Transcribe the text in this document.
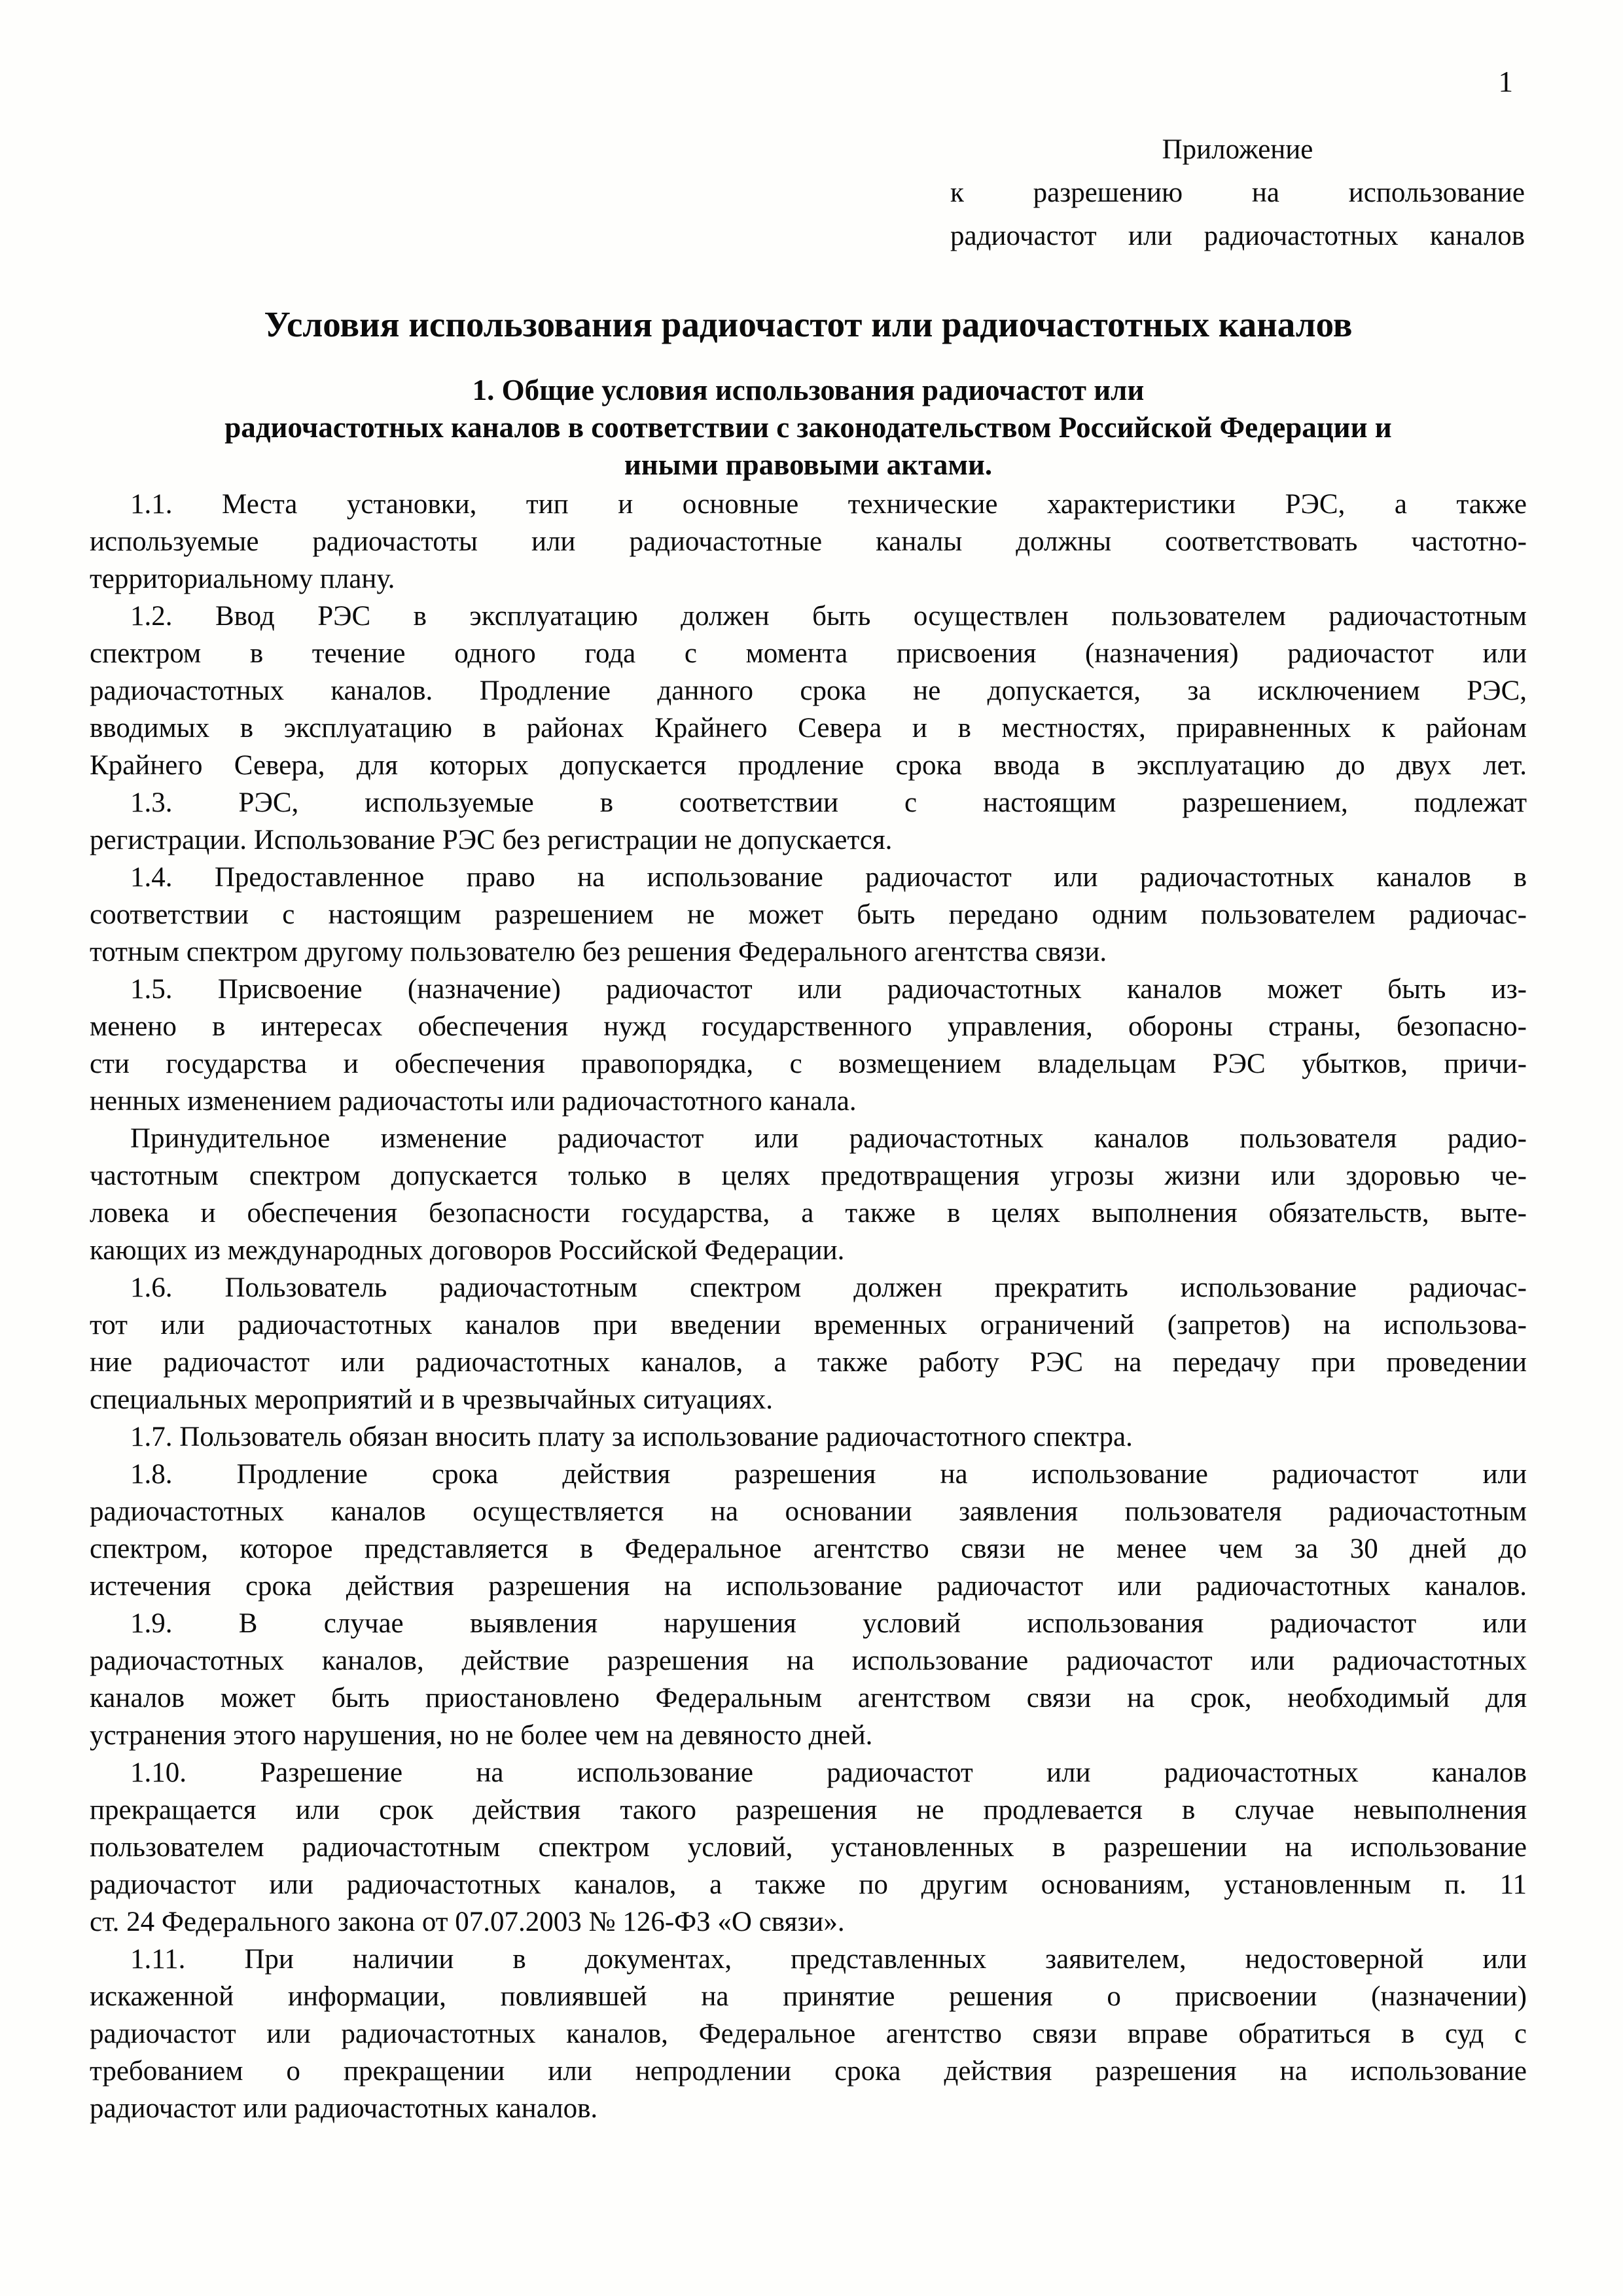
1
Приложение
к разрешению на использование
радиочастот или радиочастотных каналов
Условия использования радиочастот или радиочастотных каналов
1. Общие условия использования радиочастот или
радиочастотных каналов в соответствии с законодательством Российской Федерации и
иными правовыми актами.
1.1. Места установки, тип и основные технические характеристики РЭС, а также
используемые радиочастоты или радиочастотные каналы должны соответствовать частотно-
территориальному плану.
1.2. Ввод РЭС в эксплуатацию должен быть осуществлен пользователем радиочастотным
спектром в течение одного года с момента присвоения (назначения) радиочастот или
радиочастотных каналов. Продление данного срока не допускается, за исключением РЭС,
вводимых в эксплуатацию в районах Крайнего Севера и в местностях, приравненных к районам
Крайнего Севера, для которых допускается продление срока ввода в эксплуатацию до двух лет.
1.3. РЭС, используемые в соответствии с настоящим разрешением, подлежат
регистрации. Использование РЭС без регистрации не допускается.
1.4. Предоставленное право на использование радиочастот или радиочастотных каналов в
соответствии с настоящим разрешением не может быть передано одним пользователем радиочас-
тотным спектром другому пользователю без решения Федерального агентства связи.
1.5. Присвоение (назначение) радиочастот или радиочастотных каналов может быть из-
менено в интересах обеспечения нужд государственного управления, обороны страны, безопасно-
сти государства и обеспечения правопорядка, с возмещением владельцам РЭС убытков, причи-
ненных изменением радиочастоты или радиочастотного канала.
Принудительное изменение радиочастот или радиочастотных каналов пользователя радио-
частотным спектром допускается только в целях предотвращения угрозы жизни или здоровью че-
ловека и обеспечения безопасности государства, а также в целях выполнения обязательств, выте-
кающих из международных договоров Российской Федерации.
1.6. Пользователь радиочастотным спектром должен прекратить использование радиочас-
тот или радиочастотных каналов при введении временных ограничений (запретов) на использова-
ние радиочастот или радиочастотных каналов, а также работу РЭС на передачу при проведении
специальных мероприятий и в чрезвычайных ситуациях.
1.7. Пользователь обязан вносить плату за использование радиочастотного спектра.
1.8. Продление срока действия разрешения на использование радиочастот или
радиочастотных каналов осуществляется на основании заявления пользователя радиочастотным
спектром, которое представляется в Федеральное агентство связи не менее чем за 30 дней до
истечения срока действия разрешения на использование радиочастот или радиочастотных каналов.
1.9. В случае выявления нарушения условий использования радиочастот или
радиочастотных каналов, действие разрешения на использование радиочастот или радиочастотных
каналов может быть приостановлено Федеральным агентством связи на срок, необходимый для
устранения этого нарушения, но не более чем на девяносто дней.
1.10. Разрешение на использование радиочастот или радиочастотных каналов
прекращается или срок действия такого разрешения не продлевается в случае невыполнения
пользователем радиочастотным спектром условий, установленных в разрешении на использование
радиочастот или радиочастотных каналов, а также по другим основаниям, установленным п. 11
ст. 24 Федерального закона от 07.07.2003 № 126-ФЗ «О связи».
1.11. При наличии в документах, представленных заявителем, недостоверной или
искаженной информации, повлиявшей на принятие решения о присвоении (назначении)
радиочастот или радиочастотных каналов, Федеральное агентство связи вправе обратиться в суд с
требованием о прекращении или непродлении срока действия разрешения на использование
радиочастот или радиочастотных каналов.
